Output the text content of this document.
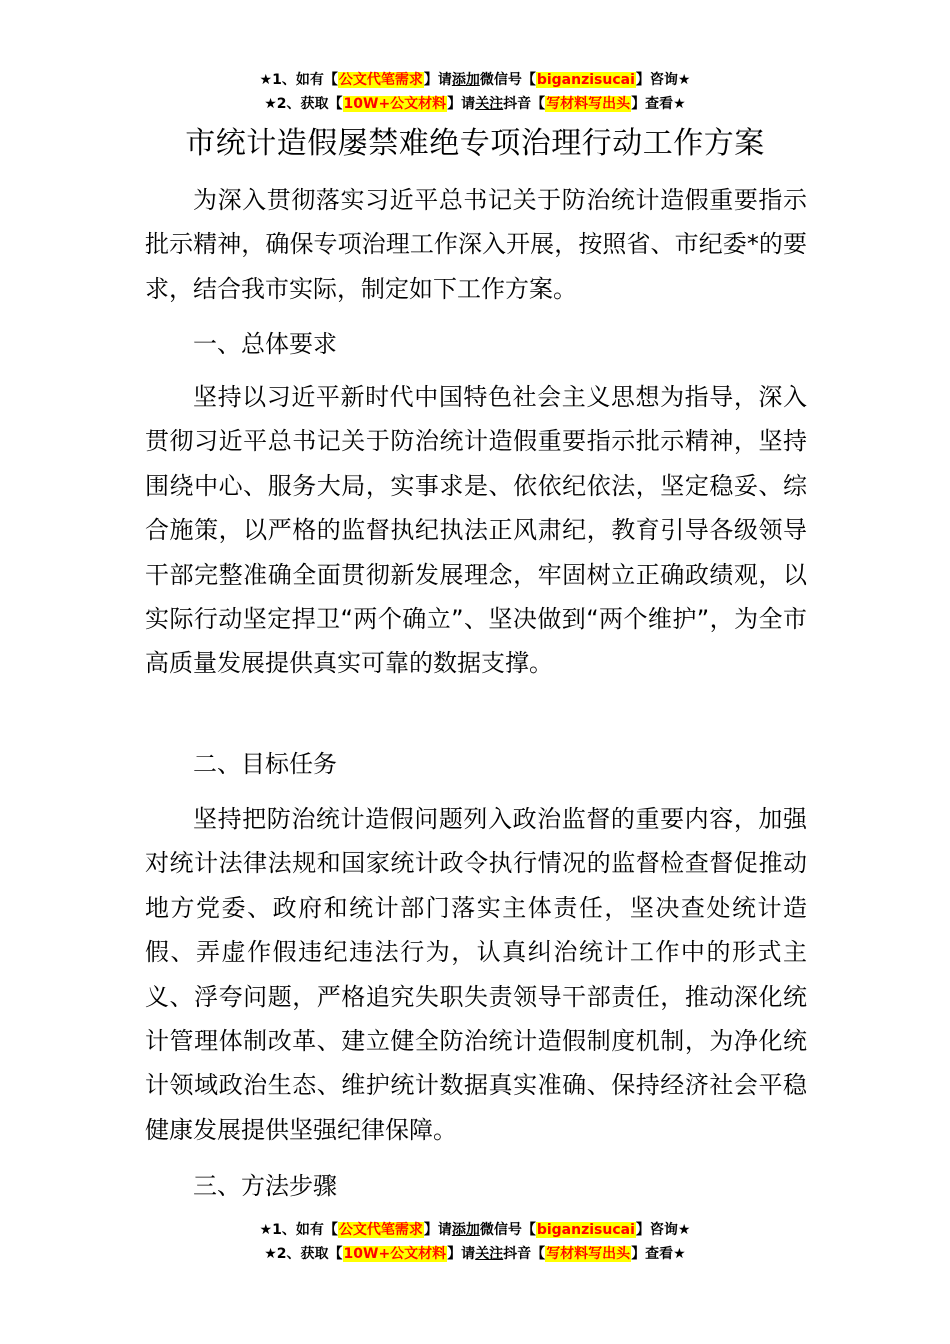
★1、如有【公文代笔需求】请添加微信号【biganzisucai】咨询★
★2、获取【10W+公文材料】请关注抖音【写材料写出头】查看★
市统计造假屡禁难绝专项治理行动工作方案

为深入贯彻落实习近平总书记关于防治统计造假重要指示批示精神，确保专项治理工作深入开展，按照省、市纪委*的要求，结合我市实际，制定如下工作方案。

一、总体要求

坚持以习近平新时代中国特色社会主义思想为指导，深入贯彻习近平总书记关于防治统计造假重要指示批示精神，坚持围绕中心、服务大局，实事求是、依依纪依法，坚定稳妥、综合施策，以严格的监督执纪执法正风肃纪，教育引导各级领导干部完整准确全面贯彻新发展理念，牢固树立正确政绩观，以实际行动坚定捍卫“两个确立”、坚决做到“两个维护”，为全市高质量发展提供真实可靠的数据支撑。

二、目标任务

坚持把防治统计造假问题列入政治监督的重要内容，加强对统计法律法规和国家统计政令执行情况的监督检查督促推动地方党委、政府和统计部门落实主体责任，坚决查处统计造假、弄虚作假违纪违法行为，认真纠治统计工作中的形式主义、浮夸问题，严格追究失职失责领导干部责任，推动深化统计管理体制改革、建立健全防治统计造假制度机制，为净化统计领域政治生态、维护统计数据真实准确、保持经济社会平稳健康发展提供坚强纪律保障。

三、方法步骤

★1、如有【公文代笔需求】请添加微信号【biganzisucai】咨询★
★2、获取【10W+公文材料】请关注抖音【写材料写出头】查看★
